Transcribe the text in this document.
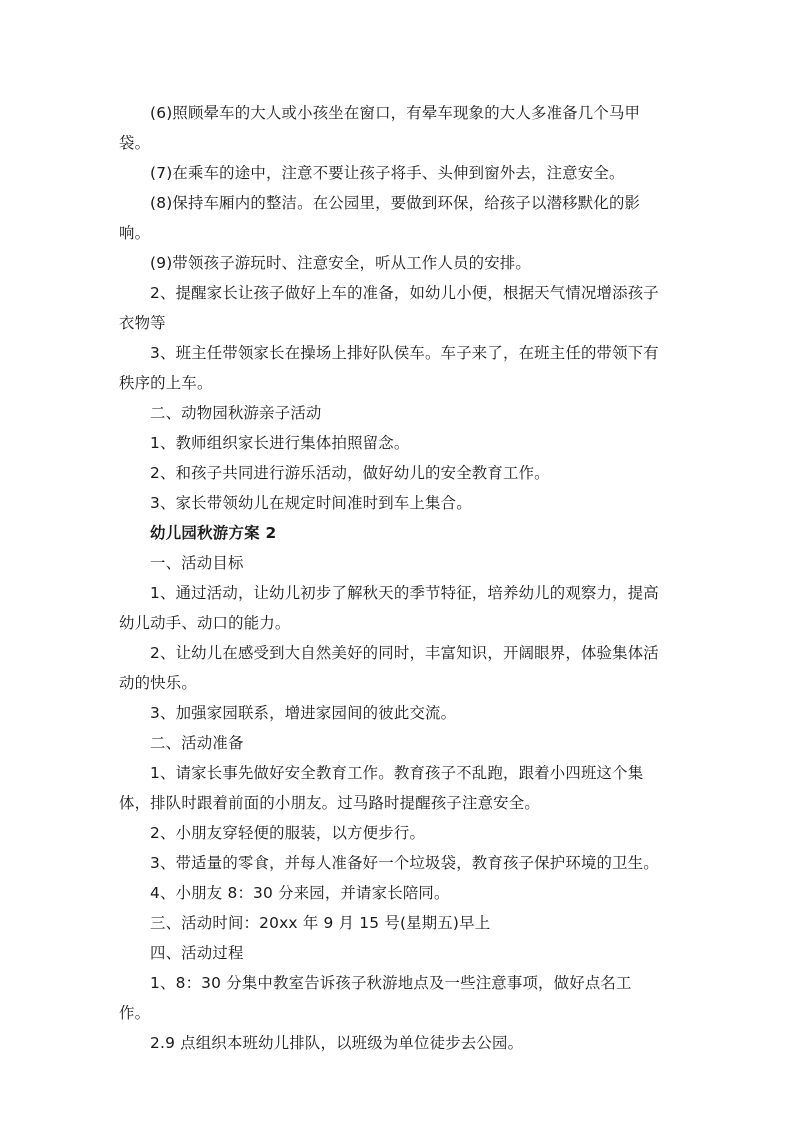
(6)照顾晕车的大人或小孩坐在窗口，有晕车现象的大人多准备几个马甲袋。

(7)在乘车的途中，注意不要让孩子将手、头伸到窗外去，注意安全。

(8)保持车厢内的整洁。在公园里，要做到环保，给孩子以潜移默化的影响。

(9)带领孩子游玩时、注意安全，听从工作人员的安排。

2、提醒家长让孩子做好上车的准备，如幼儿小便，根据天气情况增添孩子衣物等

3、班主任带领家长在操场上排好队侯车。车子来了，在班主任的带领下有秩序的上车。

二、动物园秋游亲子活动

1、教师组织家长进行集体拍照留念。

2、和孩子共同进行游乐活动，做好幼儿的安全教育工作。

3、家长带领幼儿在规定时间准时到车上集合。

幼儿园秋游方案 2

一、活动目标

1、通过活动，让幼儿初步了解秋天的季节特征，培养幼儿的观察力，提高幼儿动手、动口的能力。

2、让幼儿在感受到大自然美好的同时，丰富知识，开阔眼界，体验集体活动的快乐。

3、加强家园联系，增进家园间的彼此交流。

二、活动准备

1、请家长事先做好安全教育工作。教育孩子不乱跑，跟着小四班这个集体，排队时跟着前面的小朋友。过马路时提醒孩子注意安全。

2、小朋友穿轻便的服装，以方便步行。

3、带适量的零食，并每人准备好一个垃圾袋，教育孩子保护环境的卫生。

4、小朋友 8：30 分来园，并请家长陪同。

三、活动时间：20xx 年 9 月 15 号(星期五)早上

四、活动过程

1、8：30 分集中教室告诉孩子秋游地点及一些注意事项，做好点名工作。

2.9 点组织本班幼儿排队，以班级为单位徒步去公园。
